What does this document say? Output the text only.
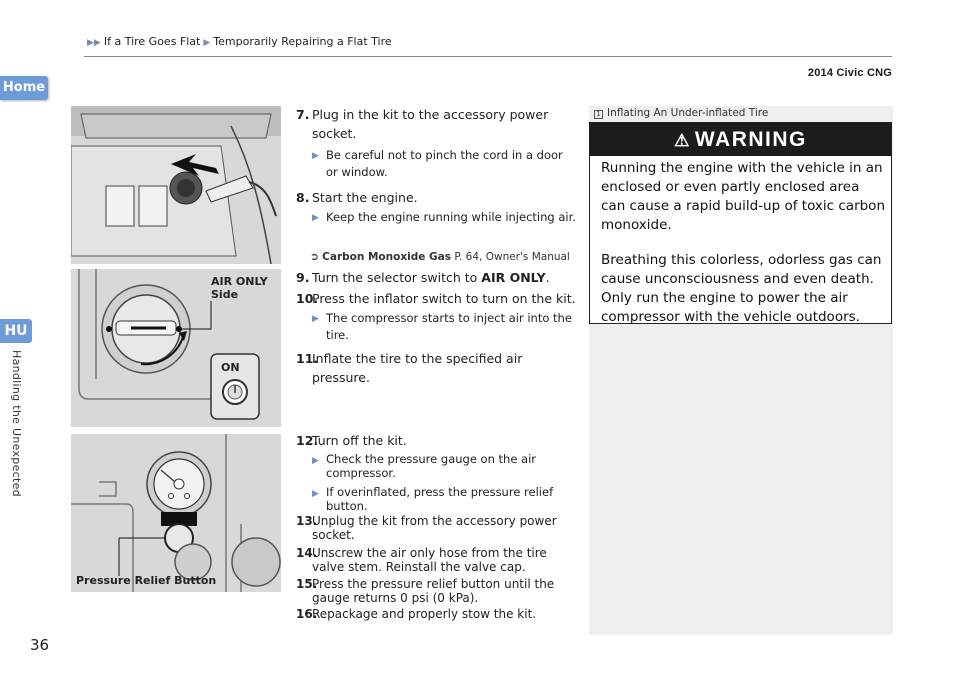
▶▶ If a Tire Goes Flat ▶ Temporarily Repairing a Flat Tire
2014 Civic CNG
Home
HU
Handling the Unexpected
AIR ONLY
Side
ON
Pressure Relief Button
7. Plug in the kit to the accessory power socket.
▶ Be careful not to pinch the cord in a door or window.
8. Start the engine.
▶ Keep the engine running while injecting air.
➲ Carbon Monoxide Gas P. 64, Owner's Manual
9. Turn the selector switch to AIR ONLY.
10.Press the inflator switch to turn on the kit.
▶ The compressor starts to inject air into the tire.
11.Inflate the tire to the specified air pressure.
12.Turn off the kit.
▶ Check the pressure gauge on the air compressor.
▶ If overinflated, press the pressure relief button.
13.Unplug the kit from the accessory power socket.
14.Unscrew the air only hose from the tire valve stem. Reinstall the valve cap.
15.Press the pressure relief button until the gauge returns 0 psi (0 kPa).
16.Repackage and properly stow the kit.
1 Inflating An Under-inflated Tire
⚠ WARNING

Running the engine with the vehicle in an enclosed or even partly enclosed area can cause a rapid build-up of toxic carbon monoxide.

Breathing this colorless, odorless gas can cause unconsciousness and even death. Only run the engine to power the air compressor with the vehicle outdoors.

36
